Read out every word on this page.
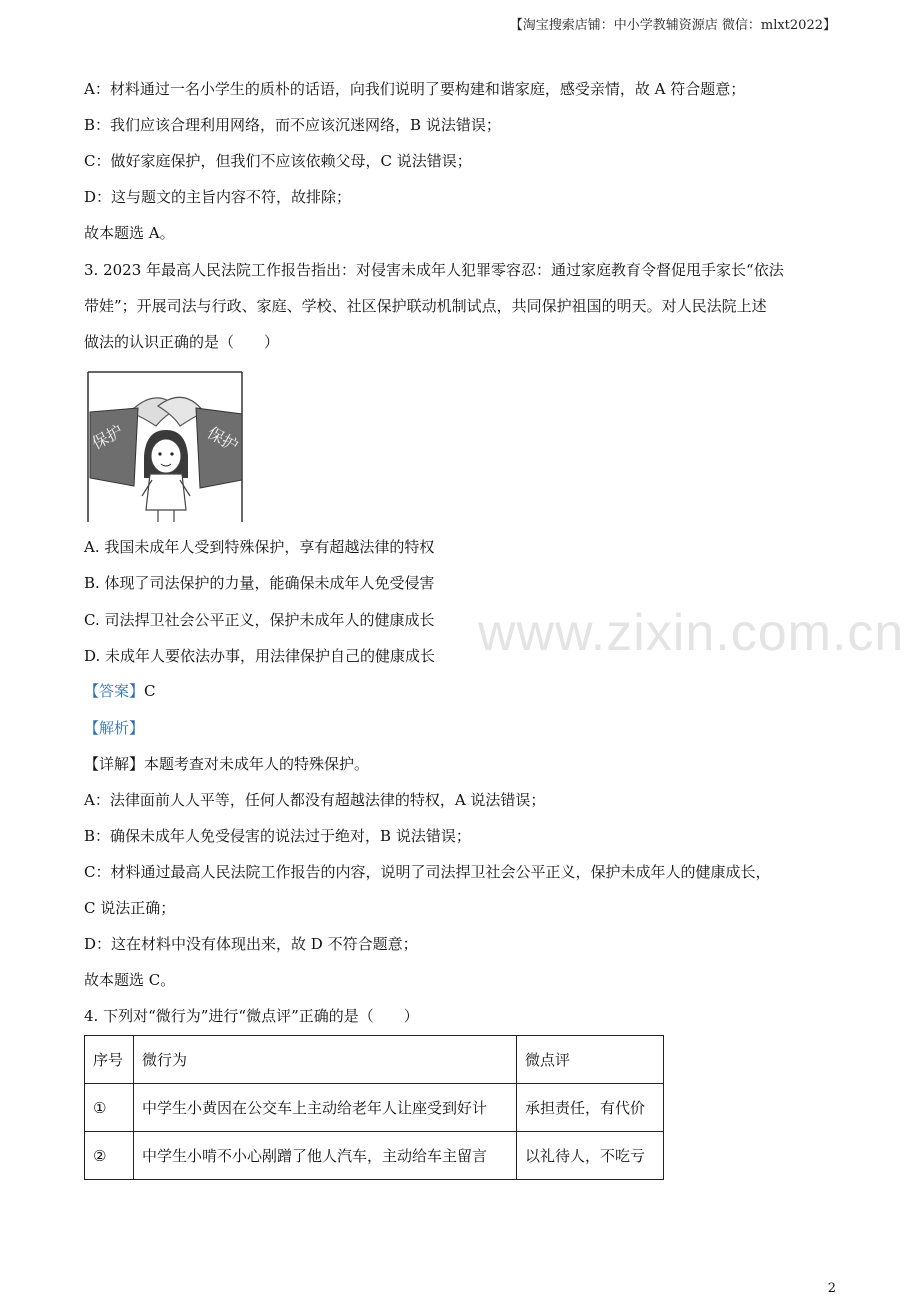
【淘宝搜索店铺：中小学教辅资源店 微信：mlxt2022】
A：材料通过一名小学生的质朴的话语，向我们说明了要构建和谐家庭，感受亲情，故 A 符合题意；
B：我们应该合理利用网络，而不应该沉迷网络，B 说法错误；
C：做好家庭保护，但我们不应该依赖父母，C 说法错误；
D：这与题文的主旨内容不符，故排除；
故本题选 A。
3. 2023 年最高人民法院工作报告指出：对侵害未成年人犯罪零容忍：通过家庭教育令督促甩手家长“依法
带娃”；开展司法与行政、家庭、学校、社区保护联动机制试点，共同保护祖国的明天。对人民法院上述
做法的认识正确的是（　　）
保护	保护
A. 我国未成年人受到特殊保护，享有超越法律的特权
B. 体现了司法保护的力量，能确保未成年人免受侵害
C. 司法捍卫社会公平正义，保护未成年人的健康成长
D. 未成年人要依法办事，用法律保护自己的健康成长 www.zixin.com.cn
【答案】C
【解析】
【详解】本题考查对未成年人的特殊保护。
A：法律面前人人平等，任何人都没有超越法律的特权，A 说法错误；
B：确保未成年人免受侵害的说法过于绝对，B 说法错误；
C：材料通过最高人民法院工作报告的内容，说明了司法捍卫社会公平正义，保护未成年人的健康成长，
C 说法正确；
D：这在材料中没有体现出来，故 D 不符合题意；
故本题选 C。
4. 下列对“微行为”进行“微点评”正确的是（　　）
序号	微行为	微点评
①	中学生小黄因在公交车上主动给老年人让座受到好计	承担责任，有代价
②	中学生小啃不小心剐蹭了他人汽车，主动给车主留言	以礼待人，不吃亏
2
